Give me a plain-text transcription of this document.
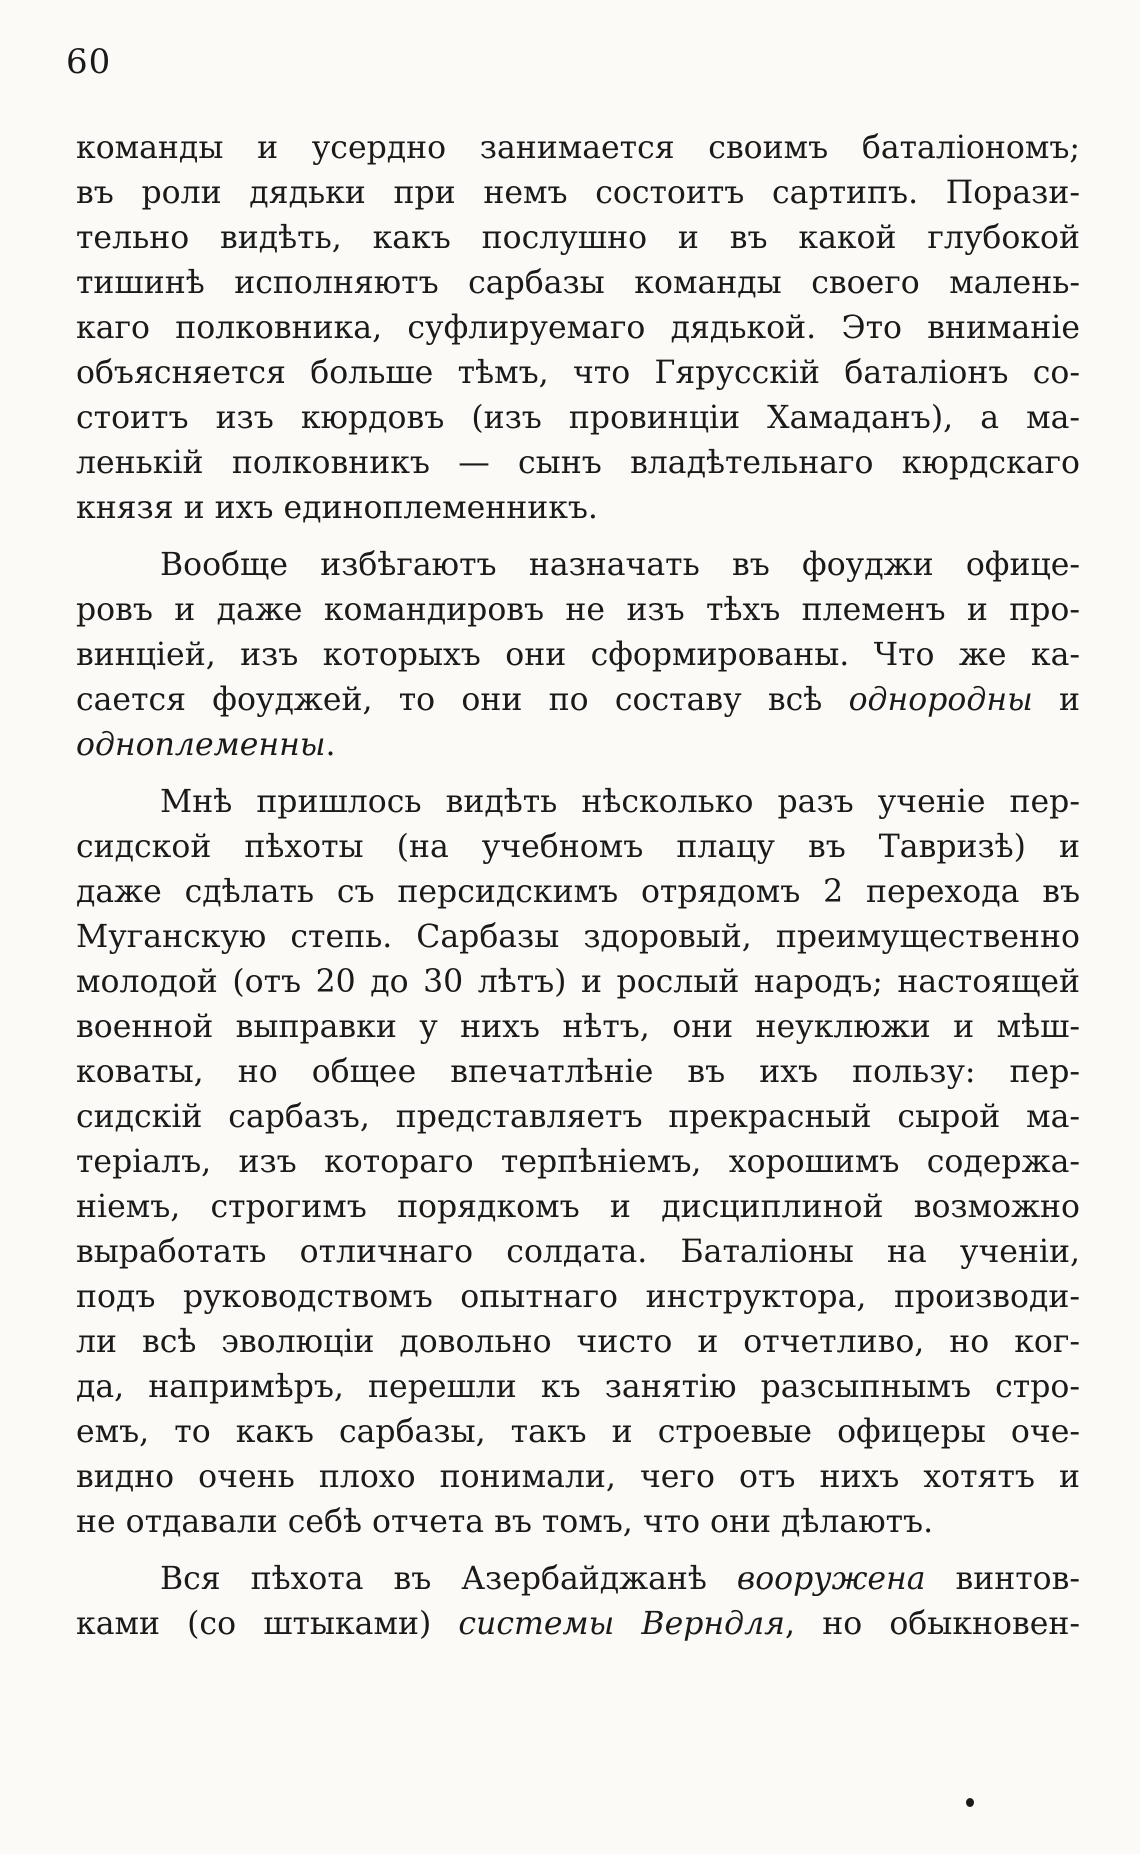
60
команды и усердно занимается своимъ баталiономъ;
въ роли дядьки при немъ состоитъ сартипъ. Порази-
тельно видѣть, какъ послушно и въ какой глубокой
тишинѣ исполняютъ сарбазы команды своего малень-
каго полковника, суфлируемаго дядькой. Это вниманiе
объясняется больше тѣмъ, что Гярусскiй баталiонъ со-
стоитъ изъ кюрдовъ (изъ провинцiи Хамаданъ), а ма-
ленькiй полковникъ — сынъ владѣтельнаго кюрдскаго
князя и ихъ единоплеменникъ.
Вообще избѣгаютъ назначать въ фоуджи офице-
ровъ и даже командировъ не изъ тѣхъ племенъ и про-
винцiей, изъ которыхъ они сформированы. Что же ка-
сается фоуджей, то они по составу всѣ однородны и
одноплеменны.
Мнѣ пришлось видѣть нѣсколько разъ ученiе пер-
сидской пѣхоты (на учебномъ плацу въ Тавризѣ) и
даже сдѣлать съ персидскимъ отрядомъ 2 перехода въ
Муганскую степь. Сарбазы здоровый, преимущественно
молодой (отъ 20 до 30 лѣтъ) и рослый народъ; настоящей
военной выправки у нихъ нѣтъ, они неуклюжи и мѣш-
коваты, но общее впечатлѣнiе въ ихъ пользу: пер-
сидскiй сарбазъ, представляетъ прекрасный сырой ма-
терiалъ, изъ котораго терпѣнiемъ, хорошимъ содержа-
нiемъ, строгимъ порядкомъ и дисциплиной возможно
выработать отличнаго солдата. Баталiоны на ученiи,
подъ руководствомъ опытнаго инструктора, производи-
ли всѣ эволюцiи довольно чисто и отчетливо, но ког-
да, напримѣръ, перешли къ занятiю разсыпнымъ стро-
емъ, то какъ сарбазы, такъ и строевые офицеры оче-
видно очень плохо понимали, чего отъ нихъ хотятъ и
не отдавали себѣ отчета въ томъ, что они дѣлаютъ.
Вся пѣхота въ Азербайджанѣ вооружена винтов-
ками (со штыками) системы Верндля, но обыкновен-
